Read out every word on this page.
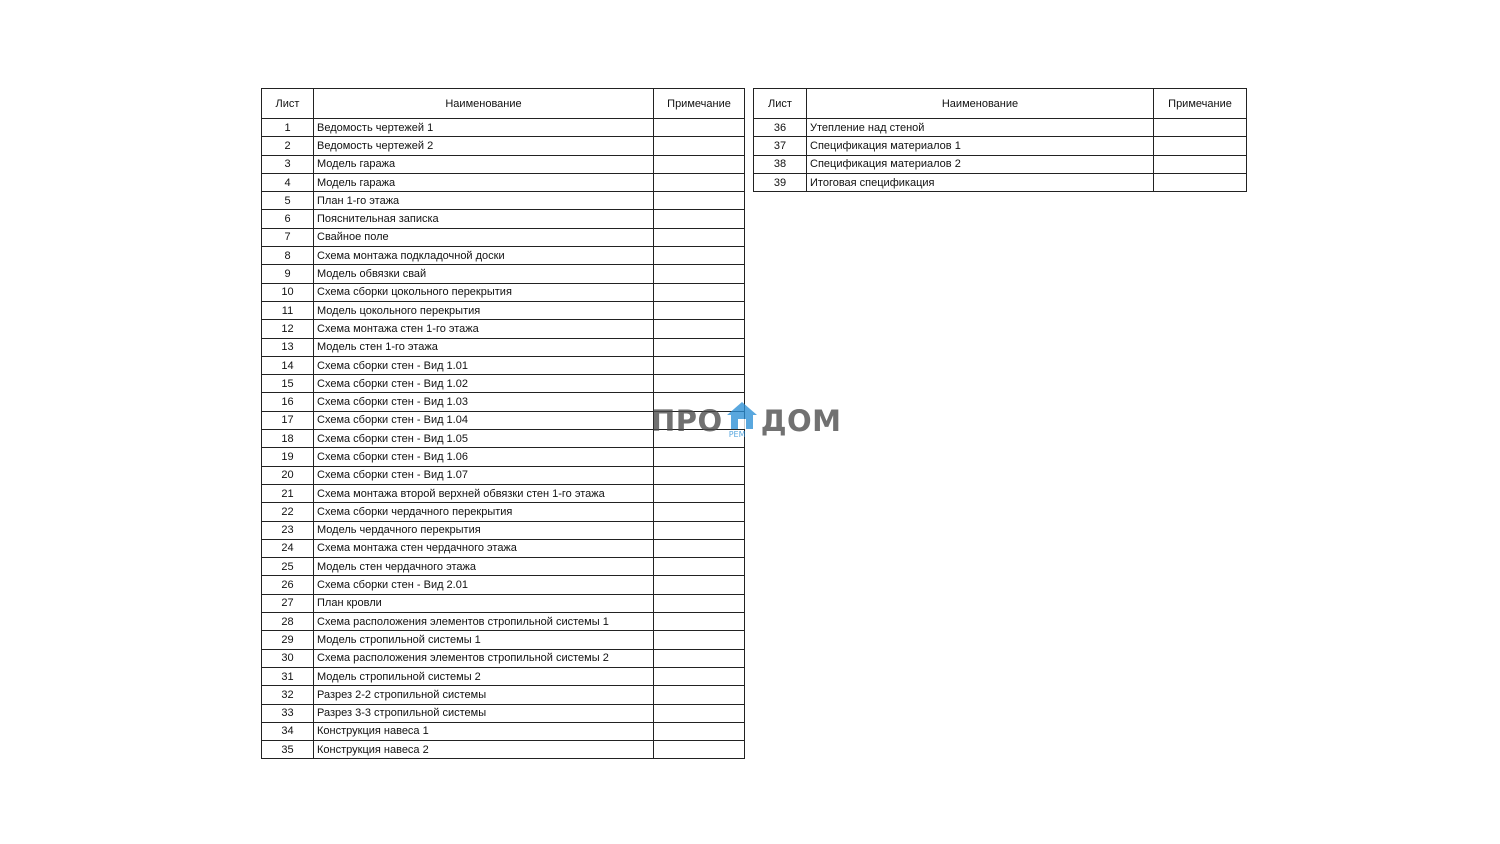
Лист	Наименование	Примечание
1	Ведомость чертежей 1	
2	Ведомость чертежей 2	
3	Модель гаража	
4	Модель гаража	
5	План 1-го этажа	
6	Пояснительная записка	
7	Свайное поле	
8	Схема монтажа подкладочной доски	
9	Модель обвязки свай	
10	Схема сборки цокольного перекрытия	
11	Модель цокольного перекрытия	
12	Схема монтажа стен 1-го этажа	
13	Модель стен 1-го этажа	
14	Схема сборки стен - Вид 1.01	
15	Схема сборки стен - Вид 1.02	
16	Схема сборки стен - Вид 1.03	
17	Схема сборки стен - Вид 1.04	
18	Схема сборки стен - Вид 1.05	
19	Схема сборки стен - Вид 1.06	
20	Схема сборки стен - Вид 1.07	
21	Схема монтажа второй верхней обвязки стен 1-го этажа	
22	Схема сборки чердачного перекрытия	
23	Модель чердачного перекрытия	
24	Схема монтажа стен чердачного этажа	
25	Модель стен чердачного этажа	
26	Схема сборки стен - Вид 2.01	
27	План кровли	
28	Схема расположения элементов стропильной системы 1	
29	Модель стропильной системы 1	
30	Схема расположения элементов стропильной системы 2	
31	Модель стропильной системы 2	
32	Разрез 2-2 стропильной системы	
33	Разрез 3-3 стропильной системы	
34	Конструкция навеса 1	
35	Конструкция навеса 2	
Лист	Наименование	Примечание
36	Утепление над стеной	
37	Спецификация материалов 1	
38	Спецификация материалов 2	
39	Итоговая спецификация	
ПРО РЕМ ДОМ
